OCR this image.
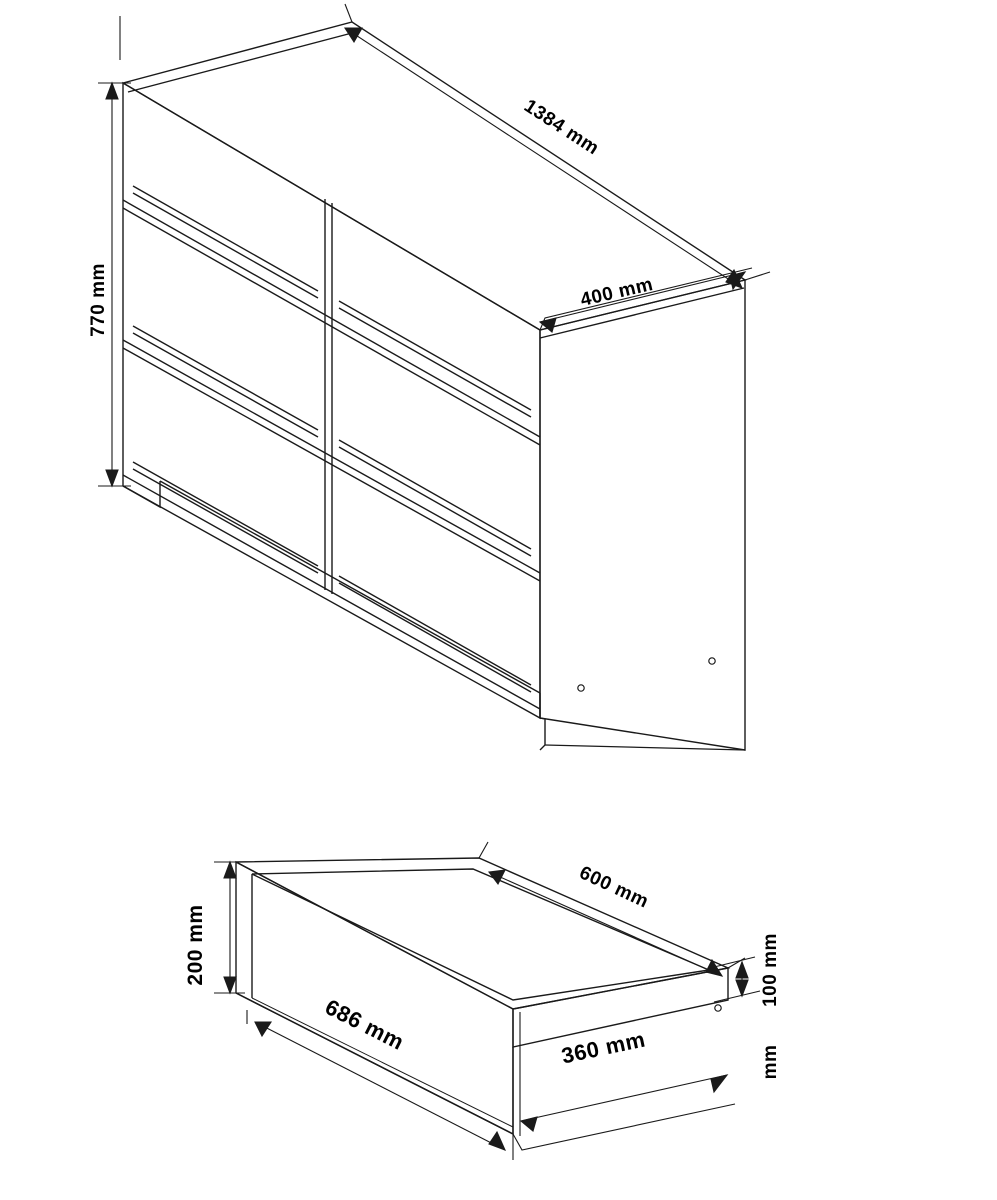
1384 mm
400 mm
770 mm
200 mm
686 mm
600 mm
360 mm
100 mm
mm
